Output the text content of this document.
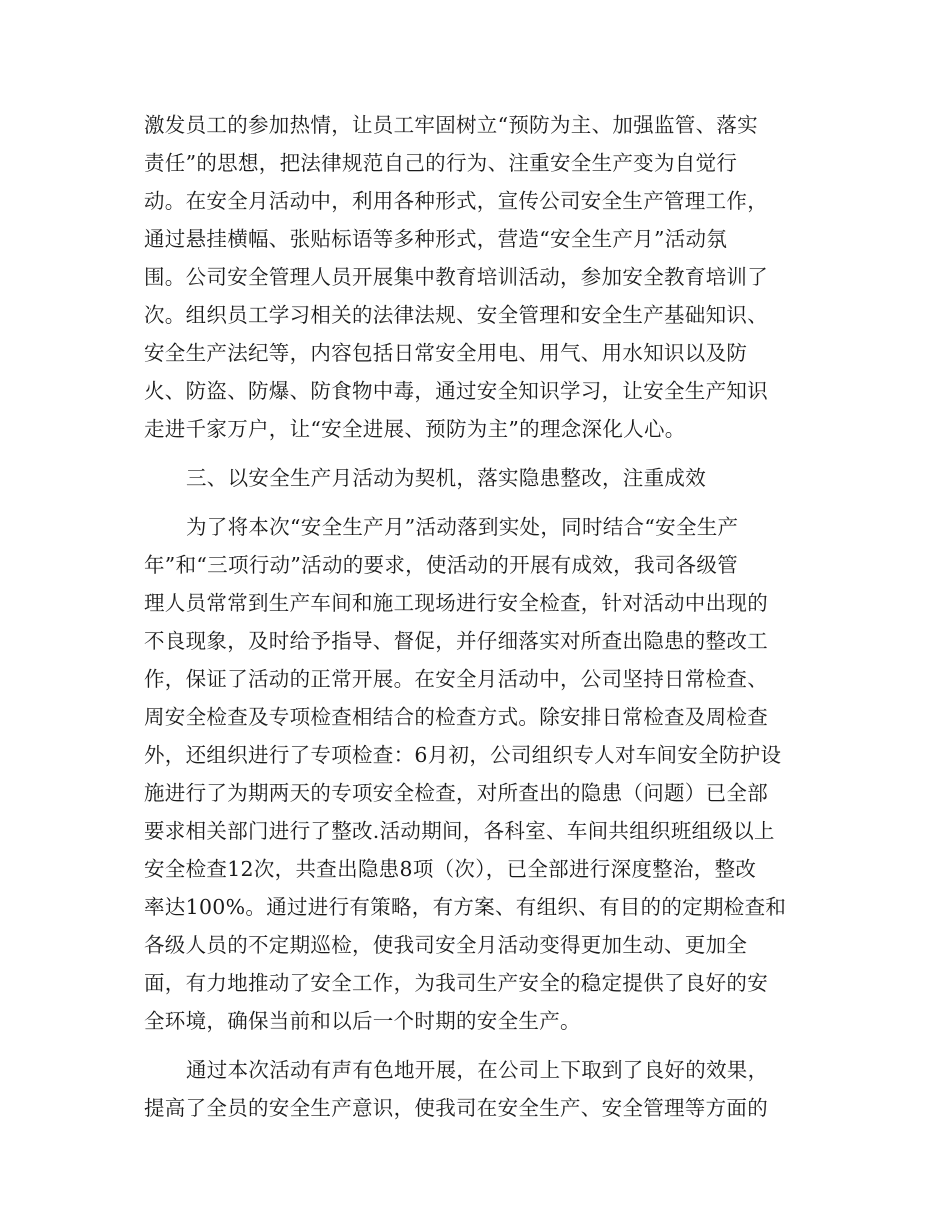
激发员工的参加热情，让员工牢固树立“预防为主、加强监管、落实
责任”的思想，把法律规范自己的行为、注重安全生产变为自觉行
动。在安全月活动中，利用各种形式，宣传公司安全生产管理工作，
通过悬挂横幅、张贴标语等多种形式，营造“安全生产月”活动氛
围。公司安全管理人员开展集中教育培训活动，参加安全教育培训了
次。组织员工学习相关的法律法规、安全管理和安全生产基础知识、
安全生产法纪等，内容包括日常安全用电、用气、用水知识以及防
火、防盗、防爆、防食物中毒，通过安全知识学习，让安全生产知识
走进千家万户，让“安全进展、预防为主”的理念深化人心。
三、以安全生产月活动为契机，落实隐患整改，注重成效
为了将本次“安全生产月”活动落到实处，同时结合“安全生产
年”和“三项行动”活动的要求，使活动的开展有成效，我司各级管
理人员常常到生产车间和施工现场进行安全检查，针对活动中出现的
不良现象，及时给予指导、督促，并仔细落实对所查出隐患的整改工
作，保证了活动的正常开展。在安全月活动中，公司坚持日常检查、
周安全检查及专项检查相结合的检查方式。除安排日常检查及周检查
外，还组织进行了专项检查：6月初，公司组织专人对车间安全防护设
施进行了为期两天的专项安全检查，对所查出的隐患（问题）已全部
要求相关部门进行了整改.活动期间，各科室、车间共组织班组级以上
安全检查12次，共查出隐患8项（次），已全部进行深度整治，整改
率达100%。通过进行有策略，有方案、有组织、有目的的定期检查和
各级人员的不定期巡检，使我司安全月活动变得更加生动、更加全
面，有力地推动了安全工作，为我司生产安全的稳定提供了良好的安
全环境，确保当前和以后一个时期的安全生产。
通过本次活动有声有色地开展，在公司上下取到了良好的效果，
提高了全员的安全生产意识，使我司在安全生产、安全管理等方面的
